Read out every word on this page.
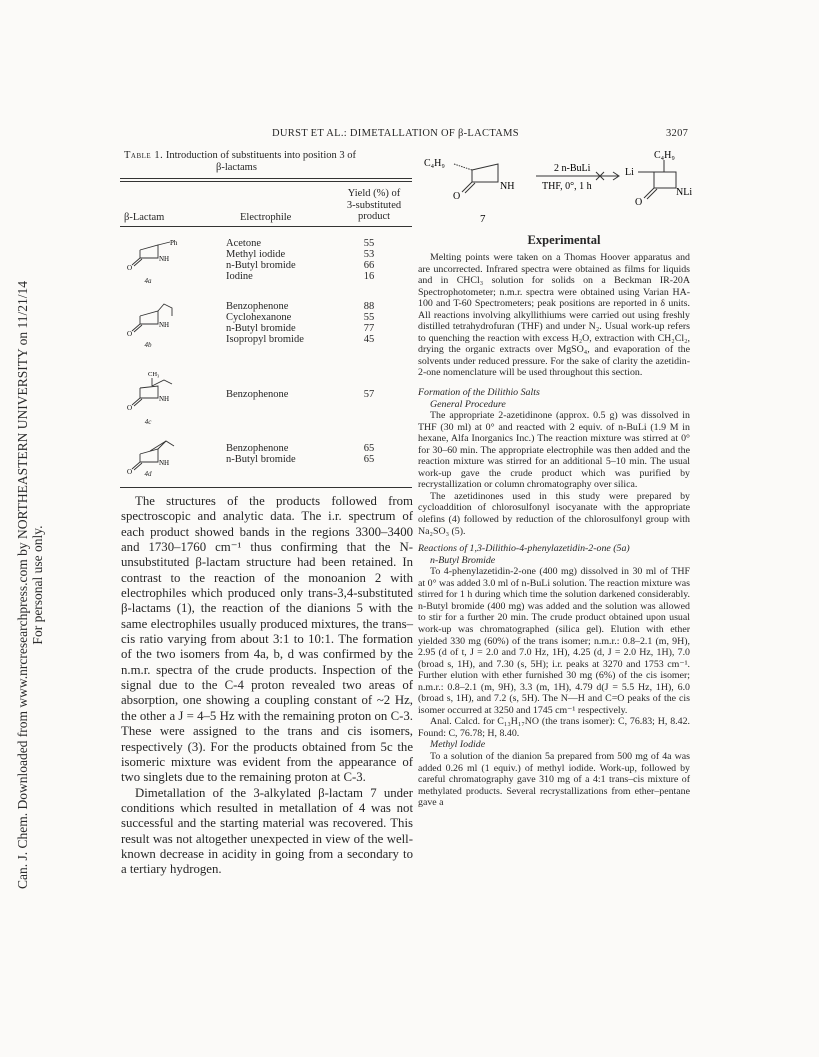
Can. J. Chem. Downloaded from www.nrcresearchpress.com by NORTHEASTERN UNIVERSITY on 11/21/14 For personal use only.
DURST ET AL.: DIMETALLATION OF β-LACTAMS	3207
Table 1. Introduction of substituents into position 3 of
β-lactams
β-Lactam	Electrophile
Yield (%) of
3-substituted
product
Ph
NH
O
4a
Acetone	55
Methyl iodide	53
n-Butyl bromide	66
Iodine	16
NH
O
4b
Benzophenone	88
Cyclohexanone	55
n-Butyl bromide	77
Isopropyl bromide	45
CH₃
NH
O
4c
Benzophenone	57
NH
O	4d
Benzophenone	65
n-Butyl bromide	65

The structures of the products followed from spectroscopic and analytic data. The i.r. spectrum of each product showed bands in the regions 3300–3400 and 1730–1760 cm⁻¹ thus confirming that the N-unsubstituted β-lactam structure had been retained. In contrast to the reaction of the monoanion 2 with electrophiles which produced only trans-3,4-substituted β-lactams (1), the reaction of the dianions 5 with the same electrophiles usually produced mixtures, the trans–cis ratio varying from about 3:1 to 10:1. The formation of the two isomers from 4a, b, d was confirmed by the n.m.r. spectra of the crude products. Inspection of the signal due to the C-4 proton revealed two areas of absorption, one showing a coupling constant of ~2 Hz, the other a J = 4–5 Hz with the remaining proton on C-3. These were assigned to the trans and cis isomers, respectively (3). For the products obtained from 5c the isomeric mixture was evident from the appearance of two singlets due to the remaining proton at C-3.

Dimetallation of the 3-alkylated β-lactam 7 under conditions which resulted in metallation of 4 was not successful and the starting material was recovered. This result was not altogether unexpected in view of the well-known decrease in acidity in going from a secondary to a tertiary hydrogen.

C₄H₉
O
NH
7
2 n-BuLi
THF, 0°, 1 h
C₄H₉
Li
O
NLi
Experimental

Melting points were taken on a Thomas Hoover apparatus and are uncorrected. Infrared spectra were obtained as films for liquids and in CHCl₃ solution for solids on a Beckman IR-20A Spectrophotometer; n.m.r. spectra were obtained using Varian HA-100 and T-60 Spectrometers; peak positions are reported in δ units. All reactions involving alkyllithiums were carried out using freshly distilled tetrahydrofuran (THF) and under N₂. Usual work-up refers to quenching the reaction with excess H₂O, extraction with CH₂Cl₂, drying the organic extracts over MgSO₄, and evaporation of the solvents under reduced pressure. For the sake of clarity the azetidin-2-one nomenclature will be used throughout this section.

Formation of the Dilithio Salts

General Procedure

The appropriate 2-azetidinone (approx. 0.5 g) was dissolved in THF (30 ml) at 0° and reacted with 2 equiv. of n-BuLi (1.9 M in hexane, Alfa Inorganics Inc.) The reaction mixture was stirred at 0° for 30–60 min. The appropriate electrophile was then added and the reaction mixture was stirred for an additional 5–10 min. The usual work-up gave the crude product which was purified by recrystallization or column chromatography over silica.

The azetidinones used in this study were prepared by cycloaddition of chlorosulfonyl isocyanate with the appropriate olefins (4) followed by reduction of the chlorosulfonyl group with Na₂SO₃ (5).

Reactions of 1,3-Dilithio-4-phenylazetidin-2-one (5a)

n-Butyl Bromide

To 4-phenylazetidin-2-one (400 mg) dissolved in 30 ml of THF at 0° was added 3.0 ml of n-BuLi solution. The reaction mixture was stirred for 1 h during which time the solution darkened considerably. n-Butyl bromide (400 mg) was added and the solution was allowed to stir for a further 20 min. The crude product obtained upon usual work-up was chromatographed (silica gel). Elution with ether yielded 330 mg (60%) of the trans isomer; n.m.r.: 0.8–2.1 (m, 9H), 2.95 (d of t, J = 2.0 and 7.0 Hz, 1H), 4.25 (d, J = 2.0 Hz, 1H), 7.0 (broad s, 1H), and 7.30 (s, 5H); i.r. peaks at 3270 and 1753 cm⁻¹. Further elution with ether furnished 30 mg (6%) of the cis isomer; n.m.r.: 0.8–2.1 (m, 9H), 3.3 (m, 1H), 4.79 d(J = 5.5 Hz, 1H), 6.0 (broad s, 1H), and 7.2 (s, 5H). The N—H and C=O peaks of the cis isomer occurred at 3250 and 1745 cm⁻¹ respectively.

Anal. Calcd. for C₁₃H₁₇NO (the trans isomer): C, 76.83; H, 8.42. Found: C, 76.78; H, 8.40.

Methyl Iodide

To a solution of the dianion 5a prepared from 500 mg of 4a was added 0.26 ml (1 equiv.) of methyl iodide. Work-up, followed by careful chromatography gave 310 mg of a 4:1 trans–cis mixture of methylated products. Several recrystallizations from ether–pentane gave a
